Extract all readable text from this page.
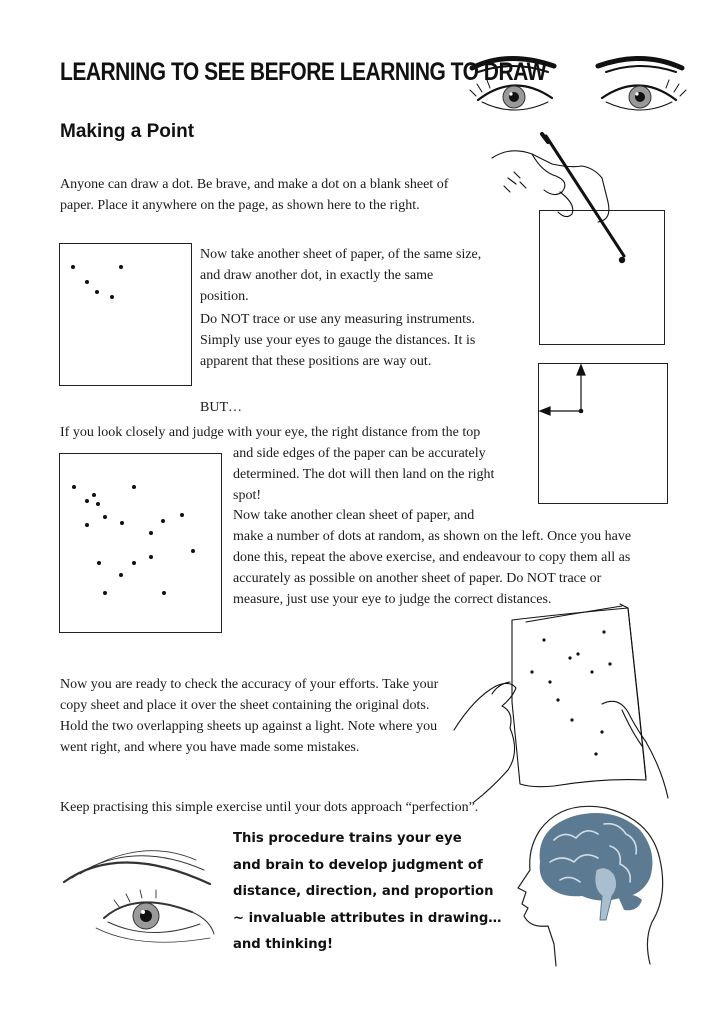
LEARNING TO SEE BEFORE LEARNING TO DRAW
Making a Point

Anyone can draw a dot. Be brave, and make a dot on a blank sheet of paper. Place it anywhere on the page, as shown here to the right.

Now take another sheet of paper, of the same size, and draw another dot, in exactly the same position.

Do NOT trace or use any measuring instruments. Simply use your eyes to gauge the distances. It is apparent that these positions are way out.

BUT…

If you look closely and judge with your eye, the right distance from the top

and side edges of the paper can be accurately determined. The dot will then land on the right spot!

Now take another clean sheet of paper, and

make a number of dots at random, as shown on the left. Once you have done this, repeat the above exercise, and endeavour to copy them all as accurately as possible on another sheet of paper. Do NOT trace or measure, just use your eye to judge the correct distances.

Now you are ready to check the accuracy of your efforts. Take your copy sheet and place it over the sheet containing the original dots. Hold the two overlapping sheets up against a light. Note where you went right, and where you have made some mistakes.

Keep practising this simple exercise until your dots approach “perfection”.

This procedure trains your eye
and brain to develop judgment of
distance, direction, and proportion
~ invaluable attributes in drawing…
and thinking!
